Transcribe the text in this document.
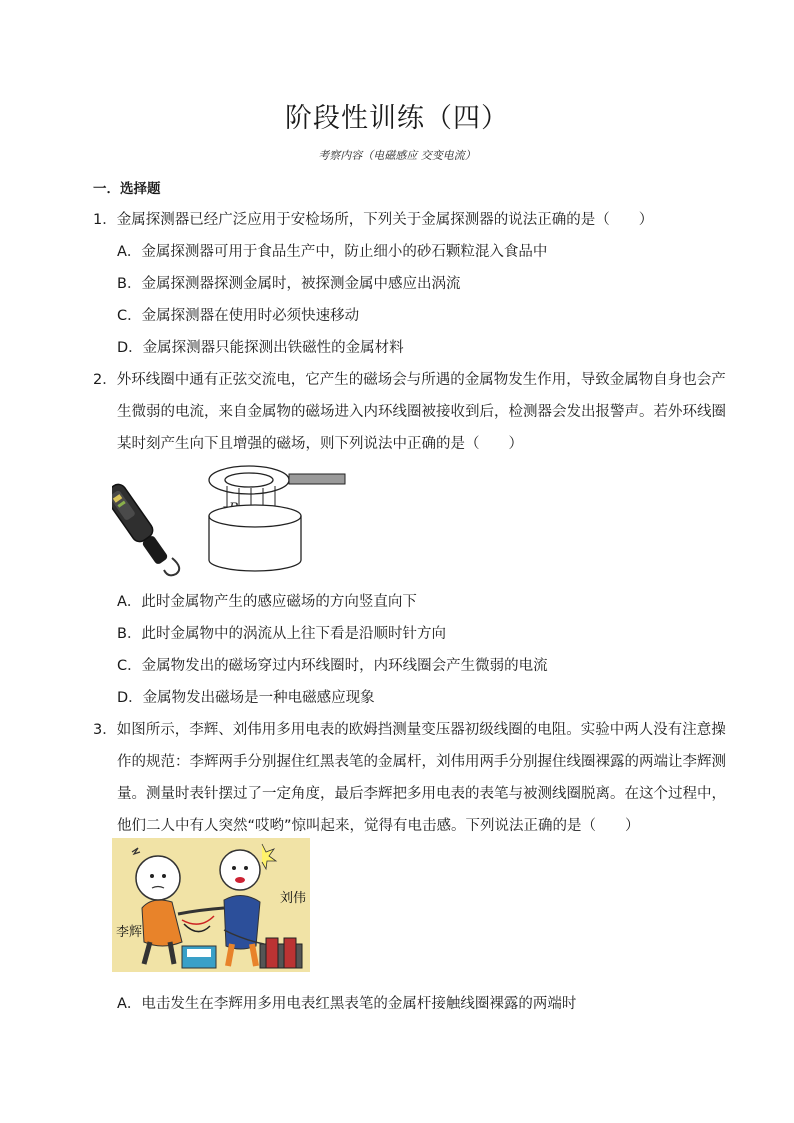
阶段性训练（四）
考察内容（电磁感应 交变电流）
一．选择题
1．金属探测器已经广泛应用于安检场所，下列关于金属探测器的说法正确的是（　　）
A．金属探测器可用于食品生产中，防止细小的砂石颗粒混入食品中
B．金属探测器探测金属时，被探测金属中感应出涡流
C．金属探测器在使用时必须快速移动
D．金属探测器只能探测出铁磁性的金属材料
2．外环线圈中通有正弦交流电，它产生的磁场会与所遇的金属物发生作用，导致金属物自身也会产
生微弱的电流，来自金属物的磁场进入内环线圈被接收到后，检测器会发出报警声。若外环线圈
某时刻产生向下且增强的磁场，则下列说法中正确的是（　　）
A．此时金属物产生的感应磁场的方向竖直向下
B．此时金属物中的涡流从上往下看是沿顺时针方向
C．金属物发出的磁场穿过内环线圈时，内环线圈会产生微弱的电流
D．金属物发出磁场是一种电磁感应现象
3．如图所示，李辉、刘伟用多用电表的欧姆挡测量变压器初级线圈的电阻。实验中两人没有注意操
作的规范：李辉两手分别握住红黑表笔的金属杆，刘伟用两手分别握住线圈裸露的两端让李辉测
量。测量时表针摆过了一定角度，最后李辉把多用电表的表笔与被测线圈脱离。在这个过程中，
他们二人中有人突然“哎哟”惊叫起来，觉得有电击感。下列说法正确的是（　　）
李辉
刘伟
A．电击发生在李辉用多用电表红黑表笔的金属杆接触线圈裸露的两端时
